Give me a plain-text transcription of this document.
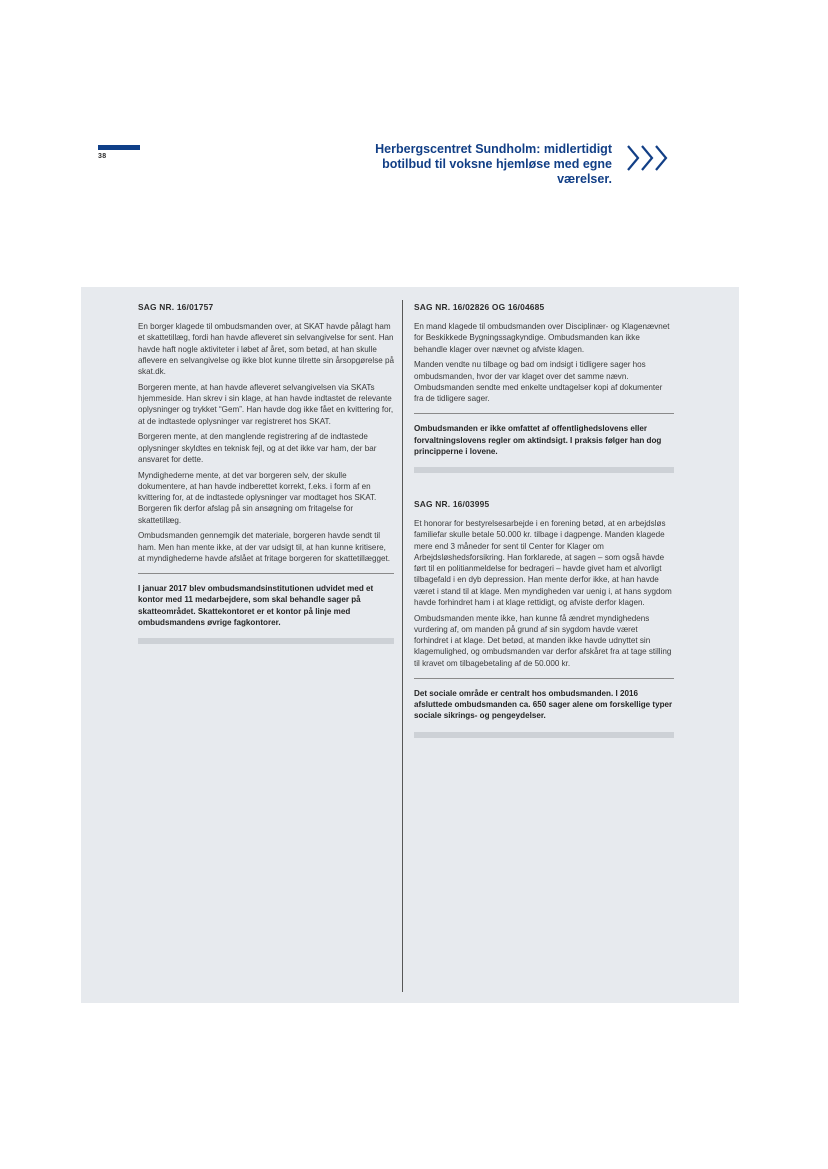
38
Herbergscentret Sundholm: midlertidigt botilbud til voksne hjemløse med egne værelser.
SAG NR. 16/01757

En borger klagede til ombudsmanden over, at SKAT havde pålagt ham et skattetillæg, fordi han havde afleveret sin selvangivelse for sent. Han havde haft nogle aktiviteter i løbet af året, som betød, at han skulle aflevere en selvangivelse og ikke blot kunne tilrette sin årsopgørelse på skat.dk.

Borgeren mente, at han havde afleveret selvangivelsen via SKATs hjemmeside. Han skrev i sin klage, at han havde indtastet de relevante oplysninger og trykket “Gem”. Han havde dog ikke fået en kvittering for, at de indtastede oplysninger var registreret hos SKAT.

Borgeren mente, at den manglende registrering af de indtastede oplysninger skyldtes en teknisk fejl, og at det ikke var ham, der bar ansvaret for dette.

Myndighederne mente, at det var borgeren selv, der skulle dokumentere, at han havde indberettet korrekt, f.eks. i form af en kvittering for, at de indtastede oplysninger var modtaget hos SKAT. Borgeren fik derfor afslag på sin ansøgning om fritagelse for skattetillæg.

Ombudsmanden gennemgik det materiale, borgeren havde sendt til ham. Men han mente ikke, at der var udsigt til, at han kunne kritisere, at myndighederne havde afslået at fritage borgeren for skattetillægget.

I januar 2017 blev ombudsmandsinstitutionen udvidet med et kontor med 11 medarbejdere, som skal behandle sager på skatteområdet. Skattekontoret er et kontor på linje med ombudsmandens øvrige fagkontorer.

SAG NR. 16/02826 OG 16/04685

En mand klagede til ombudsmanden over Disciplinær- og Klagenævnet for Beskikkede Bygningssagkyndige. Ombudsmanden kan ikke behandle klager over nævnet og afviste klagen.

Manden vendte nu tilbage og bad om indsigt i tidligere sager hos ombudsmanden, hvor der var klaget over det samme nævn. Ombudsmanden sendte med enkelte undtagelser kopi af dokumenter fra de tidligere sager.

Ombudsmanden er ikke omfattet af offentlighedslovens eller forvaltningslovens regler om aktindsigt. I praksis følger han dog principperne i lovene.

SAG NR. 16/03995

Et honorar for bestyrelsesarbejde i en forening betød, at en arbejdsløs familiefar skulle betale 50.000 kr. tilbage i dagpenge. Manden klagede mere end 3 måneder for sent til Center for Klager om Arbejdsløshedsforsikring. Han forklarede, at sagen – som også havde ført til en politianmeldelse for bedrageri – havde givet ham et alvorligt tilbagefald i en dyb depression. Han mente derfor ikke, at han havde været i stand til at klage. Men myndigheden var uenig i, at hans sygdom havde forhindret ham i at klage rettidigt, og afviste derfor klagen.

Ombudsmanden mente ikke, han kunne få ændret myndighedens vurdering af, om manden på grund af sin sygdom havde været forhindret i at klage. Det betød, at manden ikke havde udnyttet sin klagemulighed, og ombudsmanden var derfor afskåret fra at tage stilling til kravet om tilbagebetaling af de 50.000 kr.

Det sociale område er centralt hos ombudsmanden. I 2016 afsluttede ombudsmanden ca. 650 sager alene om forskellige typer sociale sikrings- og pengeydelser.
